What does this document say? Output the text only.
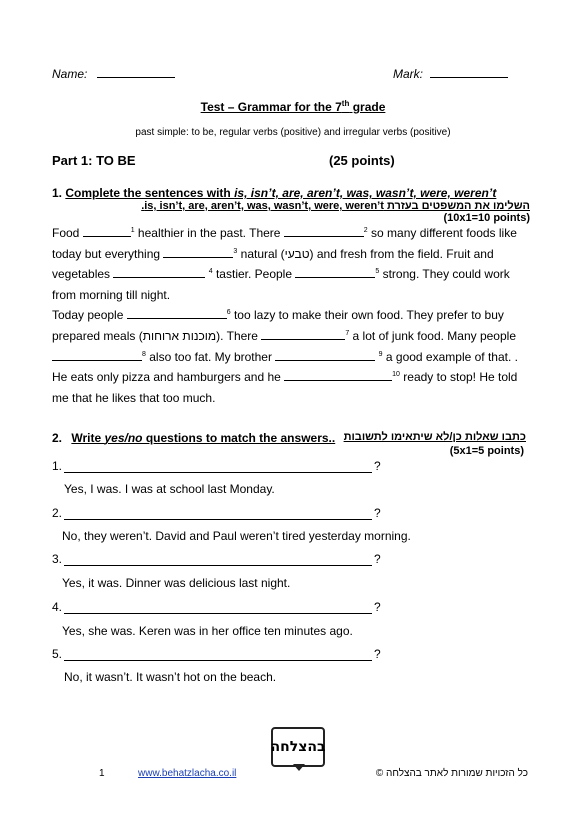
Name:	Mark:
Test – Grammar for the 7th grade
past simple: to be, regular verbs (positive) and irregular verbs (positive)
Part 1: TO BE	(25 points)
1. Complete the sentences with is, isn’t, are, aren’t, was, wasn’t, were, weren’t
השלימו את המשפטים בעזרת is, isn’t, are, aren’t, was, wasn’t, were, weren’t.
(10x1=10 points)
Food	$^1$ healthier in the past. There	$^2$ so many different foods like today but everything	$^3$ natural (טבעי) and fresh from the field. Fruit and vegetables	$^4$ tastier. People	$^5$ strong. They could work from morning till night.
Today people	$^6$ too lazy to make their own food. They prefer to buy prepared meals (מוכנות ארוחות). There	$^7$ a lot of junk food. Many people $^8$ also too fat. My brother	$^9$ a good example of that. . He eats only pizza and hamburgers and he	$^{10}$ ready to stop! He told me that he likes that too much.
2. Write yes/no questions to match the answers.. כתבו שאלות כן/לא שיתאימו לתשובות
(5x1=5 points)
1.	?
Yes, I was. I was at school last Monday.
2.	?
No, they weren’t. David and Paul weren’t tired yesterday morning.
3.	?
Yes, it was. Dinner was delicious last night.
4.	?
Yes, she was. Keren was in her office ten minutes ago.
5.	?
No, it wasn’t. It wasn’t hot on the beach.
בהצלחה
1	www.behatzlacha.co.il	כל הזכויות שמורות לאתר בהצלחה ©
